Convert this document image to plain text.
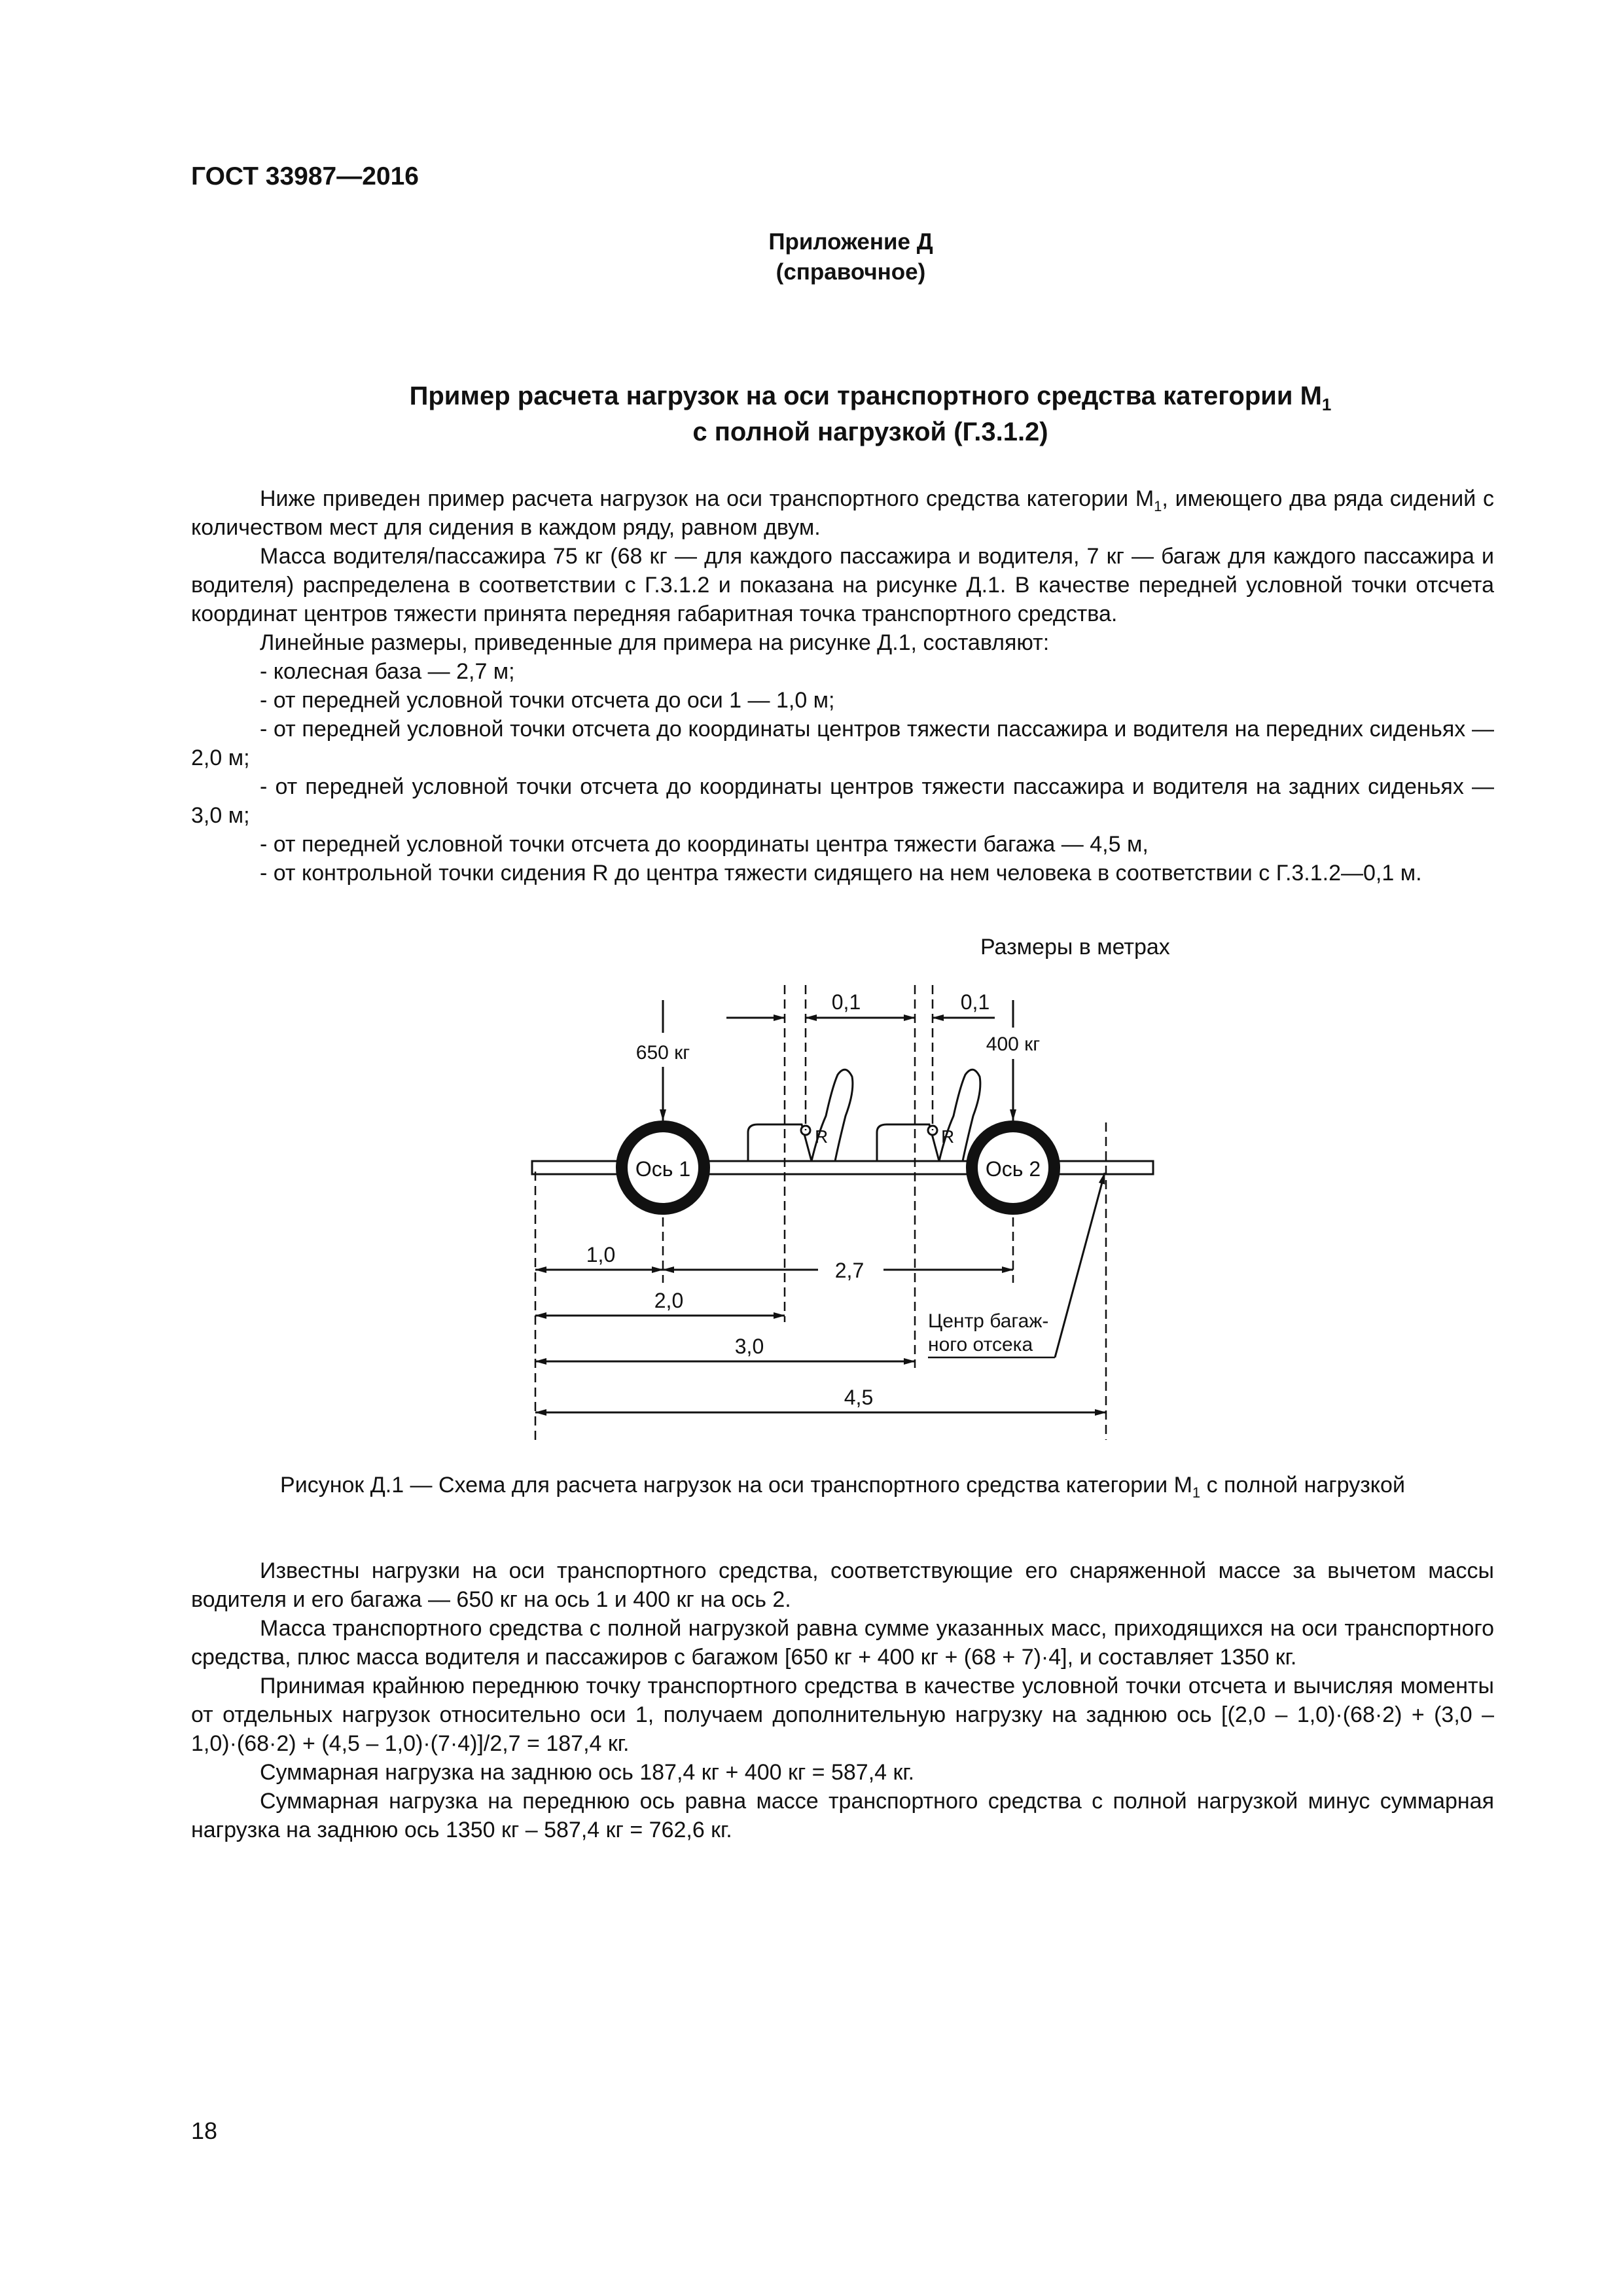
ГОСТ 33987—2016
Приложение Д
(справочное)
Пример расчета нагрузок на оси транспортного средства категории $M_1$
с полной нагрузкой (Г.3.1.2)
Ниже приведен пример расчета нагрузок на оси транспортного средства категории $M_1$, имеющего два ряда сидений с количеством мест для сидения в каждом ряду, равном двум.
Масса водителя/пассажира 75 кг (68 кг — для каждого пассажира и водителя, 7 кг — багаж для каждого пассажира и водителя) распределена в соответствии с Г.3.1.2 и показана на рисунке Д.1. В качестве передней условной точки отсчета координат центров тяжести принята передняя габаритная точка транспортного средства.
Линейные размеры, приведенные для примера на рисунке Д.1, составляют:
- колесная база — 2,7 м;
- от передней условной точки отсчета до оси 1 — 1,0 м;
- от передней условной точки отсчета до координаты центров тяжести пассажира и водителя на передних сиденьях — 2,0 м;
- от передней условной точки отсчета до координаты центров тяжести пассажира и водителя на задних сиденьях — 3,0 м;
- от передней условной точки отсчета до координаты центра тяжести багажа — 4,5 м,
- от контрольной точки сидения R до центра тяжести сидящего на нем человека в соответствии с Г.3.1.2—0,1 м.
Размеры в метрах
Ось 1	Ось 2
R	R
650 кг	400 кг
0,1	0,1
1,0
2,7
2,0
3,0
4,5
Центр багаж-
ного отсека
Рисунок Д.1 — Схема для расчета нагрузок на оси транспортного средства категории $M_1$ с полной нагрузкой
Известны нагрузки на оси транспортного средства, соответствующие его снаряженной массе за вычетом массы водителя и его багажа — 650 кг на ось 1 и 400 кг на ось 2.
Масса транспортного средства с полной нагрузкой равна сумме указанных масс, приходящихся на оси транспортного средства, плюс масса водителя и пассажиров с багажом [650 кг + 400 кг + (68 + 7)·4], и составляет 1350 кг.
Принимая крайнюю переднюю точку транспортного средства в качестве условной точки отсчета и вычисляя моменты от отдельных нагрузок относительно оси 1, получаем дополнительную нагрузку на заднюю ось [(2,0 – 1,0)·(68·2) + (3,0 – 1,0)·(68·2) + (4,5 – 1,0)·(7·4)]/2,7 = 187,4 кг.
Суммарная нагрузка на заднюю ось 187,4 кг + 400 кг = 587,4 кг.
Суммарная нагрузка на переднюю ось равна массе транспортного средства с полной нагрузкой минус суммарная нагрузка на заднюю ось 1350 кг – 587,4 кг = 762,6 кг.
18
